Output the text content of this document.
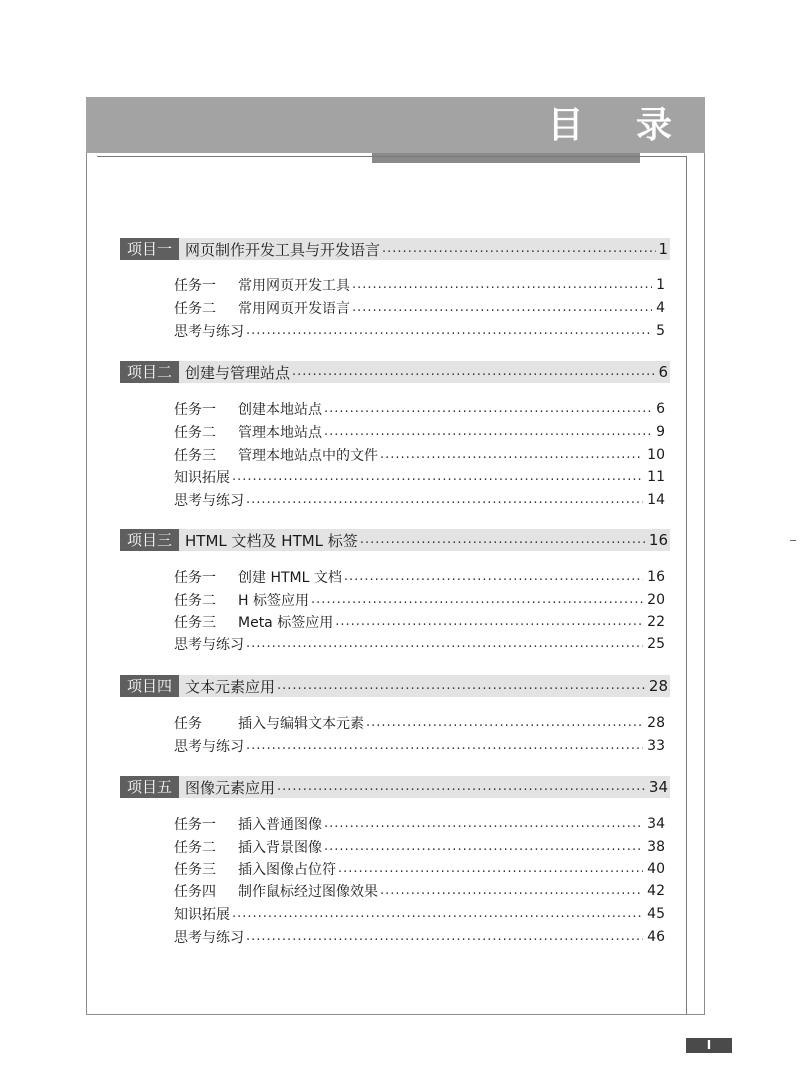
目 录
项目一 网页制作开发工具与开发语言 .....	1
任务一	常用网页开发工具 .....	1
任务二	常用网页开发语言 .....	4
思考与练习 .....	5
项目二 创建与管理站点 .....	6
任务一	创建本地站点 .....	6
任务二	管理本地站点 .....	9
任务三	管理本地站点中的文件 .....	10
知识拓展 .....	11
思考与练习 .....	14
项目三 HTML 文档及 HTML 标签 .....	16
任务一	创建 HTML 文档 .....	16
任务二	H 标签应用 .....	20
任务三	Meta 标签应用 .....	22
思考与练习 .....	25
项目四 文本元素应用 .....	28
任务	插入与编辑文本元素 .....	28
思考与练习 .....	33
项目五 图像元素应用 .....	34
任务一	插入普通图像 .....	34
任务二	插入背景图像 .....	38
任务三	插入图像占位符 .....	40
任务四	制作鼠标经过图像效果 .....	42
知识拓展 .....	45
思考与练习 .....	46
I
